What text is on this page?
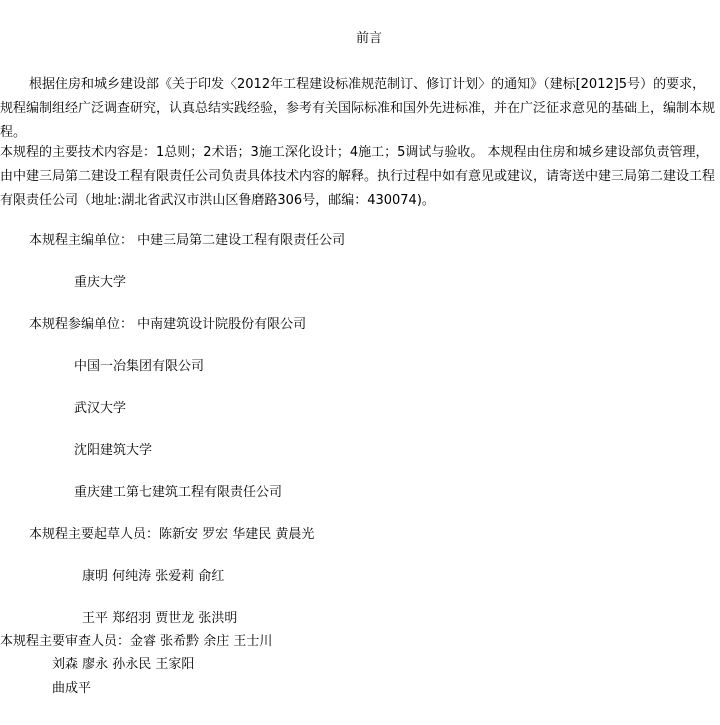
前言
根据住房和城乡建设部《关于印发〈2012年工程建设标准规范制订、修订计划〉的通知》（建标[2012]5号）的要求，规程编制组经广泛调查研究，认真总结实践经验，参考有关国际标准和国外先进标准，并在广泛征求意见的基础上，编制本规程。
本规程的主要技术内容是：1总则；2术语；3施工深化设计；4施工；5调试与验收。 本规程由住房和城乡建设部负责管理，由中建三局第二建设工程有限责任公司负责具体技术内容的解释。执行过程中如有意见或建议，请寄送中建三局第二建设工程有限责任公司（地址:湖北省武汉市洪山区鲁磨路306号，邮编：430074)。
本规程主编单位： 中建三局第二建设工程有限责任公司
重庆大学
本规程参编单位： 中南建筑设计院股份有限公司
中国一冶集团有限公司
武汉大学
沈阳建筑大学
重庆建工第七建筑工程有限责任公司
本规程主要起草人员：陈新安 罗宏 华建民 黄晨光
康明 何纯涛 张爱莉 俞红
王平 郑绍羽 贾世龙 张洪明
本规程主要审查人员：金睿 张希黔 余庄 王士川
刘森 廖永 孙永民 王家阳
曲成平
